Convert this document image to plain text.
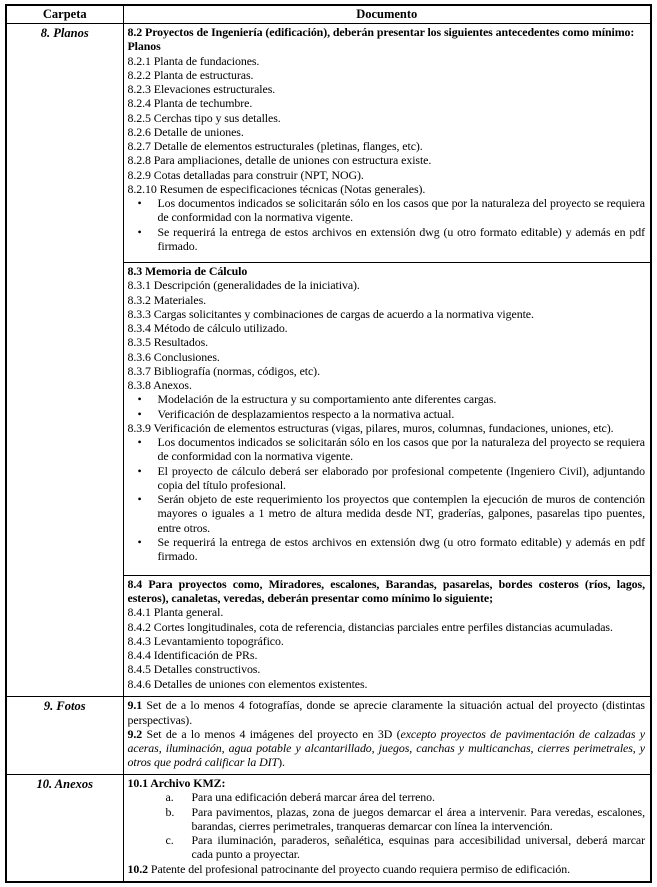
Carpeta	Documento
8. Planos	8.2 Proyectos de Ingeniería (edificación), deberán presentar los siguientes antecedentes como mínimo:

Planos

8.2.1 Planta de fundaciones.

8.2.2 Planta de estructuras.

8.2.3 Elevaciones estructurales.

8.2.4 Planta de techumbre.

8.2.5 Cerchas tipo y sus detalles.

8.2.6 Detalle de uniones.

8.2.7 Detalle de elementos estructurales (pletinas, flanges, etc).

8.2.8 Para ampliaciones, detalle de uniones con estructura existe.

8.2.9 Cotas detalladas para construir (NPT, NOG).

8.2.10 Resumen de especificaciones técnicas (Notas generales).

• Los documentos indicados se solicitarán sólo en los casos que por la naturaleza del proyecto se requiera de conformidad con la normativa vigente.

• Se requerirá la entrega de estos archivos en extensión dwg (u otro formato editable) y además en pdf firmado.

8.3 Memoria de Cálculo

8.3.1 Descripción (generalidades de la iniciativa).

8.3.2 Materiales.

8.3.3 Cargas solicitantes y combinaciones de cargas de acuerdo a la normativa vigente.

8.3.4 Método de cálculo utilizado.

8.3.5 Resultados.

8.3.6 Conclusiones.

8.3.7 Bibliografía (normas, códigos, etc).

8.3.8 Anexos.

• Modelación de la estructura y su comportamiento ante diferentes cargas.

• Verificación de desplazamientos respecto a la normativa actual.

8.3.9 Verificación de elementos estructuras (vigas, pilares, muros, columnas, fundaciones, uniones, etc).

• Los documentos indicados se solicitarán sólo en los casos que por la naturaleza del proyecto se requiera de conformidad con la normativa vigente.

• El proyecto de cálculo deberá ser elaborado por profesional competente (Ingeniero Civil), adjuntando copia del título profesional.

• Serán objeto de este requerimiento los proyectos que contemplen la ejecución de muros de contención mayores o iguales a 1 metro de altura medida desde NT, graderías, galpones, pasarelas tipo puentes, entre otros.

• Se requerirá la entrega de estos archivos en extensión dwg (u otro formato editable) y además en pdf firmado.

8.4 Para proyectos como, Miradores, escalones, Barandas, pasarelas, bordes costeros (ríos, lagos, esteros), canaletas, veredas, deberán presentar como mínimo lo siguiente;

8.4.1 Planta general.

8.4.2 Cortes longitudinales, cota de referencia, distancias parciales entre perfiles distancias acumuladas.

8.4.3 Levantamiento topográfico.

8.4.4 Identificación de PRs.

8.4.5 Detalles constructivos.

8.4.6 Detalles de uniones con elementos existentes.

9. Fotos	9.1 Set de a lo menos 4 fotografías, donde se aprecie claramente la situación actual del proyecto (distintas perspectivas).

9.2 Set de a lo menos 4 imágenes del proyecto en 3D (excepto proyectos de pavimentación de calzadas y aceras, iluminación, agua potable y alcantarillado, juegos, canchas y multicanchas, cierres perimetrales, y otros que podrá calificar la DIT).

10. Anexos	10.1 Archivo KMZ:

a.	Para una edificación deberá marcar área del terreno.
b.	Para pavimentos, plazas, zona de juegos demarcar el área a intervenir. Para veredas, escalones, barandas, cierres perimetrales, tranqueras demarcar con línea la intervención.
c.	Para iluminación, paraderos, señalética, esquinas para accesibilidad universal, deberá marcar cada punto a proyectar.

10.2 Patente del profesional patrocinante del proyecto cuando requiera permiso de edificación.
